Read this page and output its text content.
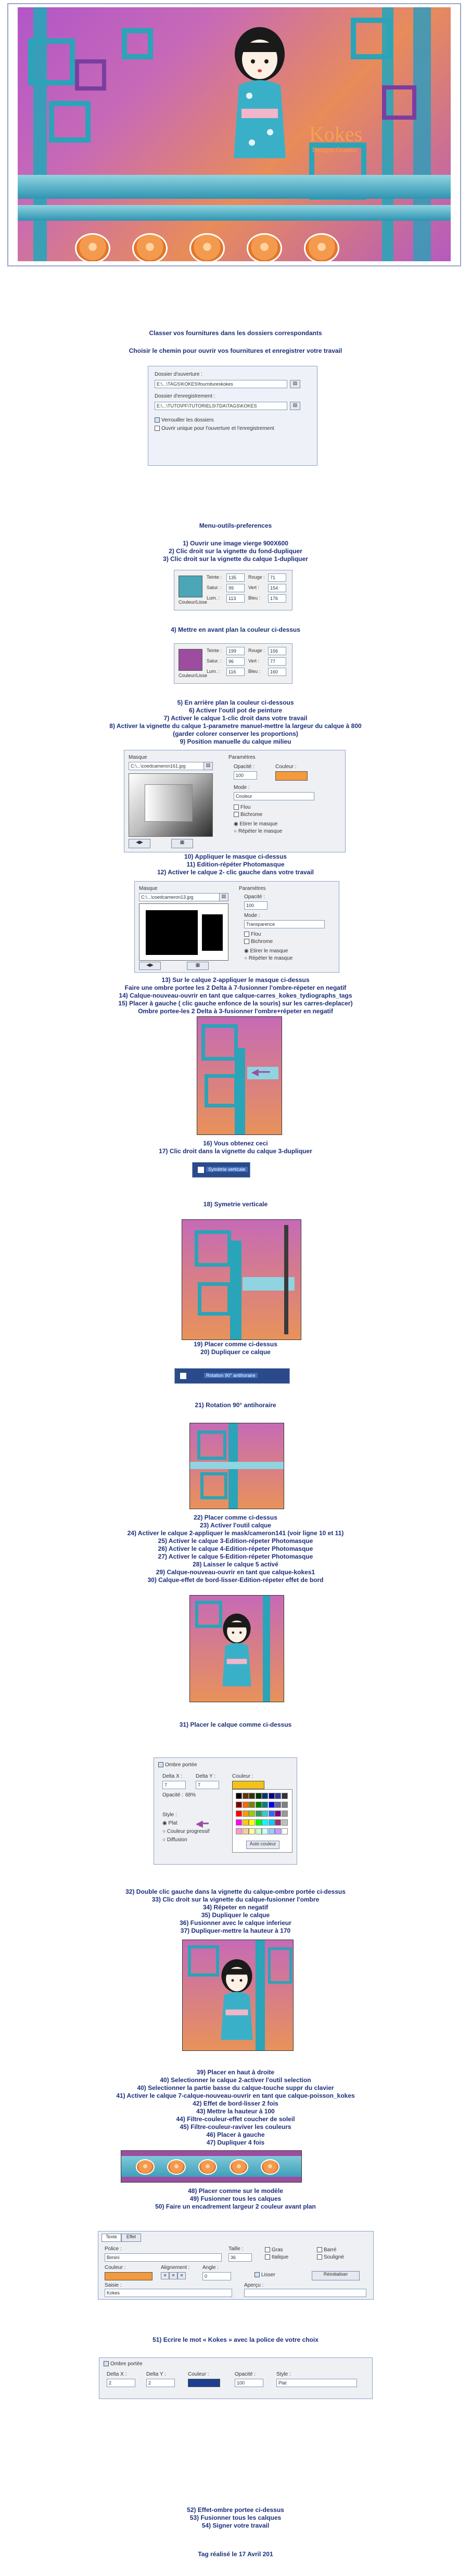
Kokes
Designs.Graphic

Classer vos fournitures dans les dossiers correspondants

Choisir le chemin pour ouvrir vos fournitures et enregistrer votre travail

Dossier d'ouverture :
E:\...\TAGS\KOKES\fournitureskokes	▤
Dossier d'enregistrement :
E:\...\TUTO\PF\TUTORIELS\TDA\TAGS\KOKES	▤
Verrouiller les dossiers
Ouvrir unique pour l'ouverture et l'enregistrement

Menu-outils-preferences

1) Ouvrir une image vierge 900X600

2) Clic droit sur la vignette du fond-dupliquer

3) Clic droit sur la vignette du calque 1-dupliquer

Couleur/Lisse
Teinte :	135
Satur. :	99
Lum. :	113
Rouge :	71
Vert :	154
Bleu :	176

4) Mettre en avant plan la couleur ci-dessus

Couleur/Lisse
Teinte :	199
Satur. :	96
Lum. :	116
Rouge :	156
Vert :	77
Bleu :	160

5) En arrière plan la couleur ci-dessous

6) Activer l'outil pot de peinture

7) Activer le calque 1-clic droit dans votre travail

8) Activer la vignette du calque 1-parametre manuel-mettre la largeur du calque à 800

(garder colorer conserver les proportions)

9) Position manuelle du calque milieu

Masque
C:\...\coedcameron161.jpg	▤
◀▶	▦
Paramètres
Opacité :
100
Couleur :
Mode :
Couleur
Flou
Bichrome
◉ Etirer le masque
○ Répéter le masque

10) Appliquer le masque ci-dessus

11) Edition-répéter Photomasque

12) Activer le calque 2- clic gauche dans votre travail

Masque
C:\...\coedcameron13.jpg	▤
◀▶	▦
Paramètres
Opacité :
100
Mode :
Transparence
Flou
Bichrome
◉ Etirer le masque
○ Répéter le masque

13) Sur le calque 2-appliquer le masque ci-dessus

Faire une ombre portee les 2 Delta à 7-fusionner l'ombre-répeter en negatif

14) Calque-nouveau-ouvrir en tant que calque-carres_kokes_tydiographs_tags

15) Placer à gauche ( clic gauche enfonce de la souris) sur les carres-deplacer)

Ombre portee-les 2 Delta à 3-fusionner l'ombre+répeter en negatif

◀━━

16) Vous obtenez ceci

17) Clic droit dans la vignette du calque 3-dupliquer

Symétrie verticale

18) Symetrie verticale

19) Placer comme ci-dessus

20) Dupliquer ce calque

Rotation 90° antihoraire

21) Rotation 90° antihoraire

22) Placer comme ci-dessus

23) Activer l'outil calque

24) Activer le calque 2-appliquer le mask/cameron141 (voir ligne 10 et 11)

25) Activer le calque 3-Edition-répeter Photomasque

26) Activer le calque 4-Edition-répeter Photomasque

27) Activer le calque 5-Edition-répeter Photomasque

28) Laisser le calque 5 activé

29) Calque-nouveau-ouvrir en tant que calque-kokes1

30) Calque-effet de bord-lisser-Edition-répeter effet de bord

31) Placer le calque comme ci-dessus

Ombre portée
Delta X :
7
Delta Y :
7
Couleur :
Opacité : 68%
Style :
◉ Plat
○ Couleur progressif
○ Diffusion
◀━
Auto couleur

32) Double clic gauche dans la vignette du calque-ombre portée ci-dessus

33) Clic droit sur la vignette du calque-fusionner l'ombre

34) Répeter en negatif

35) Dupliquer le calque

36) Fusionner avec le calque inferieur

37) Dupliquer-mettre la hauteur à 170

39) Placer en haut à droite

40) Selectionner le calque 2-activer l'outil selection

40) Selectionner la partie basse du calque-touche suppr du clavier

41) Activer le calque 7-calque-nouveau-ouvrir en tant que calque-poisson_kokes

42) Effet de bord-lisser 2 fois

43) Mettre la hauteur à 100

44) Filtre-couleur-effet coucher de soleil

45) Filtre-couleur-raviver les couleurs

46) Placer à gauche

47) Dupliquer 4 fois

48) Placer comme sur le modèle

49) Fusionner tous les calques

50) Faire un encadrement largeur 2 couleur avant plan

Texte	Effet
Police :
Bimini
Taille :
36
Gras
Italique
Barré
Souligné
Couleur :	Alignement :
≡	≡	≡
Angle :
0	Lisser	Réinitialiser
Saisie :
Kokes
Aperçu :

51) Ecrire le mot « Kokes » avec la police de votre choix

Ombre portée
Delta X :
2
Delta Y :
2
Couleur :	Opacité :
100
Style :
Plat

52) Effet-ombre portee ci-dessus

53) Fusionner tous les calques

54) Signer votre travail

Tag réalisé le 17 Avril 201
